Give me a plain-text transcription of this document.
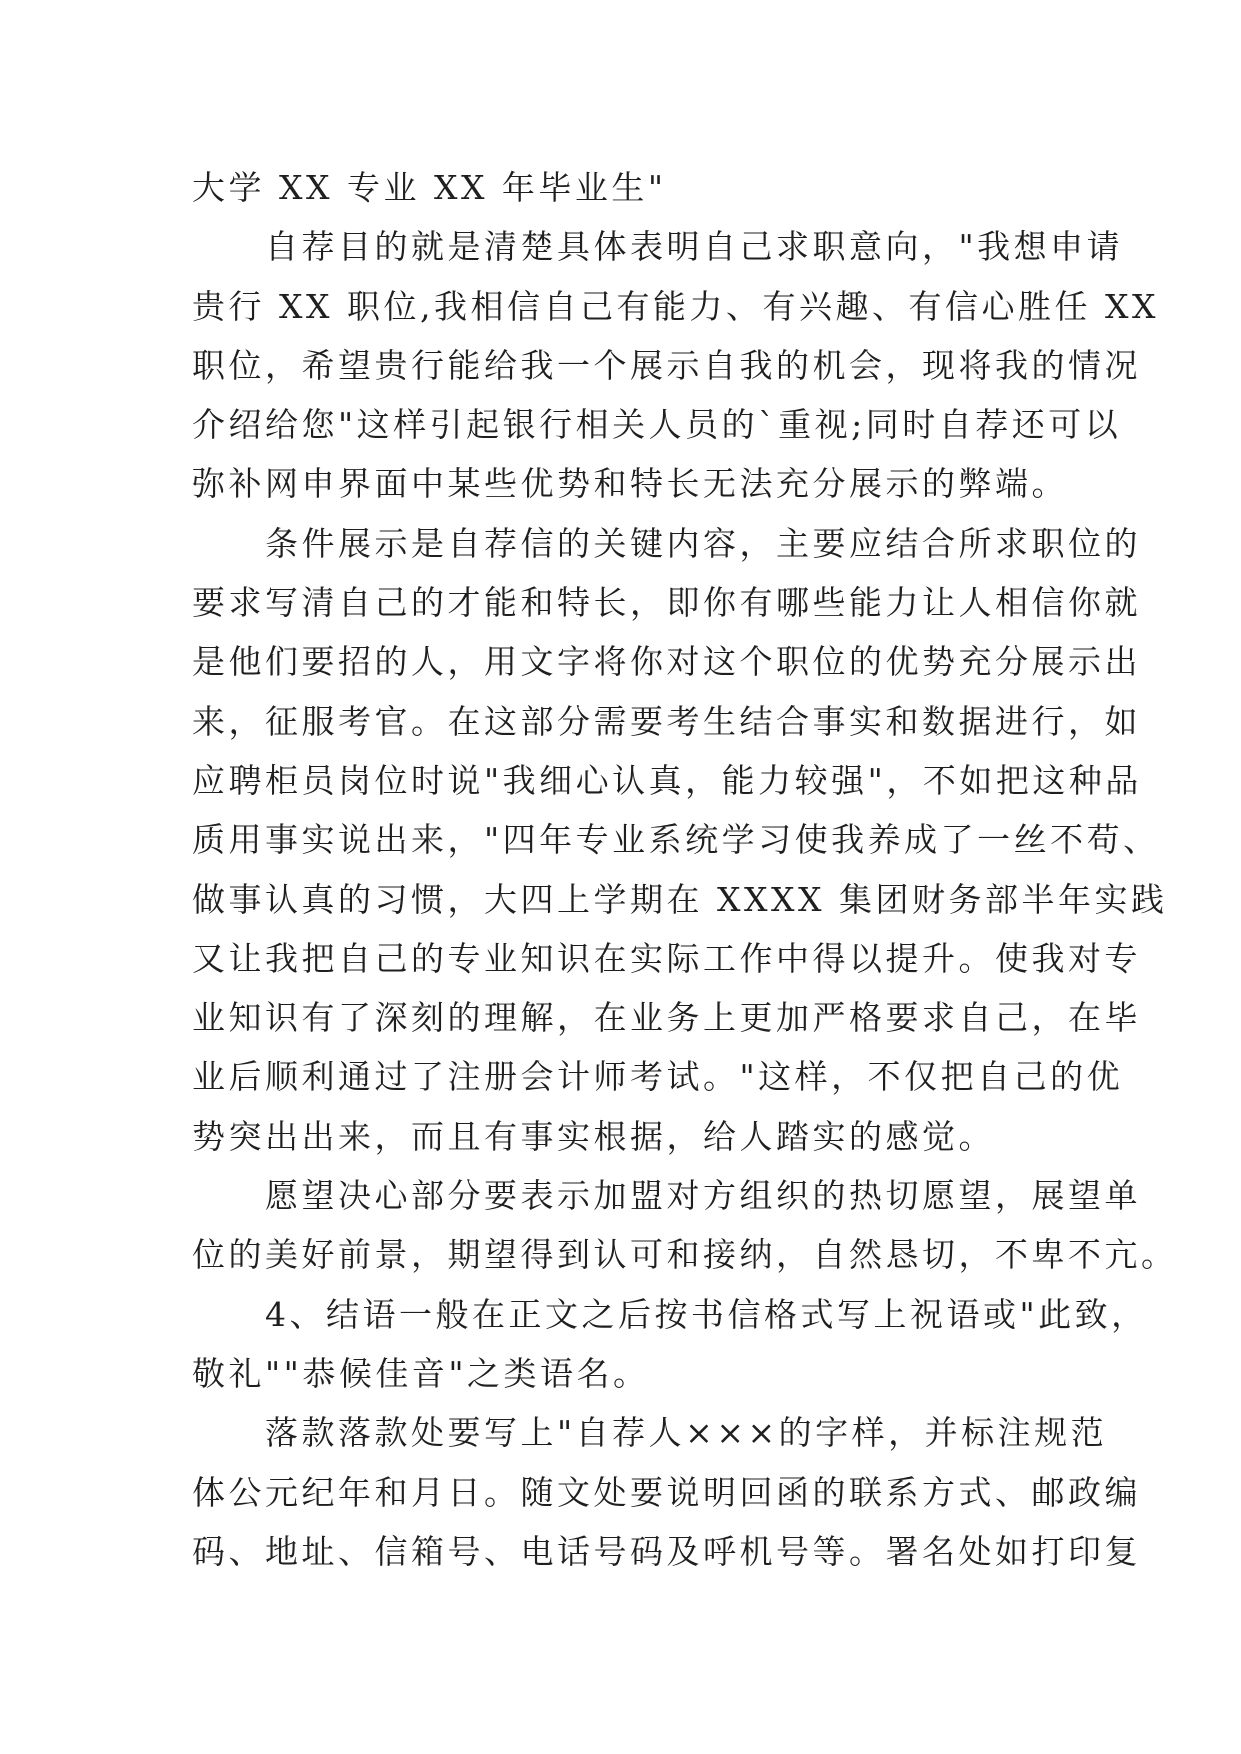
大学 XX 专业 XX 年毕业生"
　　自荐目的就是清楚具体表明自己求职意向，"我想申请
贵行 XX 职位,我相信自己有能力、有兴趣、有信心胜任 XX
职位，希望贵行能给我一个展示自我的机会，现将我的情况
介绍给您"这样引起银行相关人员的`重视;同时自荐还可以
弥补网申界面中某些优势和特长无法充分展示的弊端。
　　条件展示是自荐信的关键内容，主要应结合所求职位的
要求写清自己的才能和特长，即你有哪些能力让人相信你就
是他们要招的人，用文字将你对这个职位的优势充分展示出
来，征服考官。在这部分需要考生结合事实和数据进行，如
应聘柜员岗位时说"我细心认真，能力较强"，不如把这种品
质用事实说出来，"四年专业系统学习使我养成了一丝不苟、
做事认真的习惯，大四上学期在 XXXX 集团财务部半年实践
又让我把自己的专业知识在实际工作中得以提升。使我对专
业知识有了深刻的理解，在业务上更加严格要求自己，在毕
业后顺利通过了注册会计师考试。"这样，不仅把自己的优
势突出出来，而且有事实根据，给人踏实的感觉。
　　愿望决心部分要表示加盟对方组织的热切愿望，展望单
位的美好前景，期望得到认可和接纳，自然恳切，不卑不亢。
　　4、结语一般在正文之后按书信格式写上祝语或"此致，
敬礼""恭候佳音"之类语名。
　　落款落款处要写上"自荐人×××的字样，并标注规范
体公元纪年和月日。随文处要说明回函的联系方式、邮政编
码、地址、信箱号、电话号码及呼机号等。署名处如打印复
